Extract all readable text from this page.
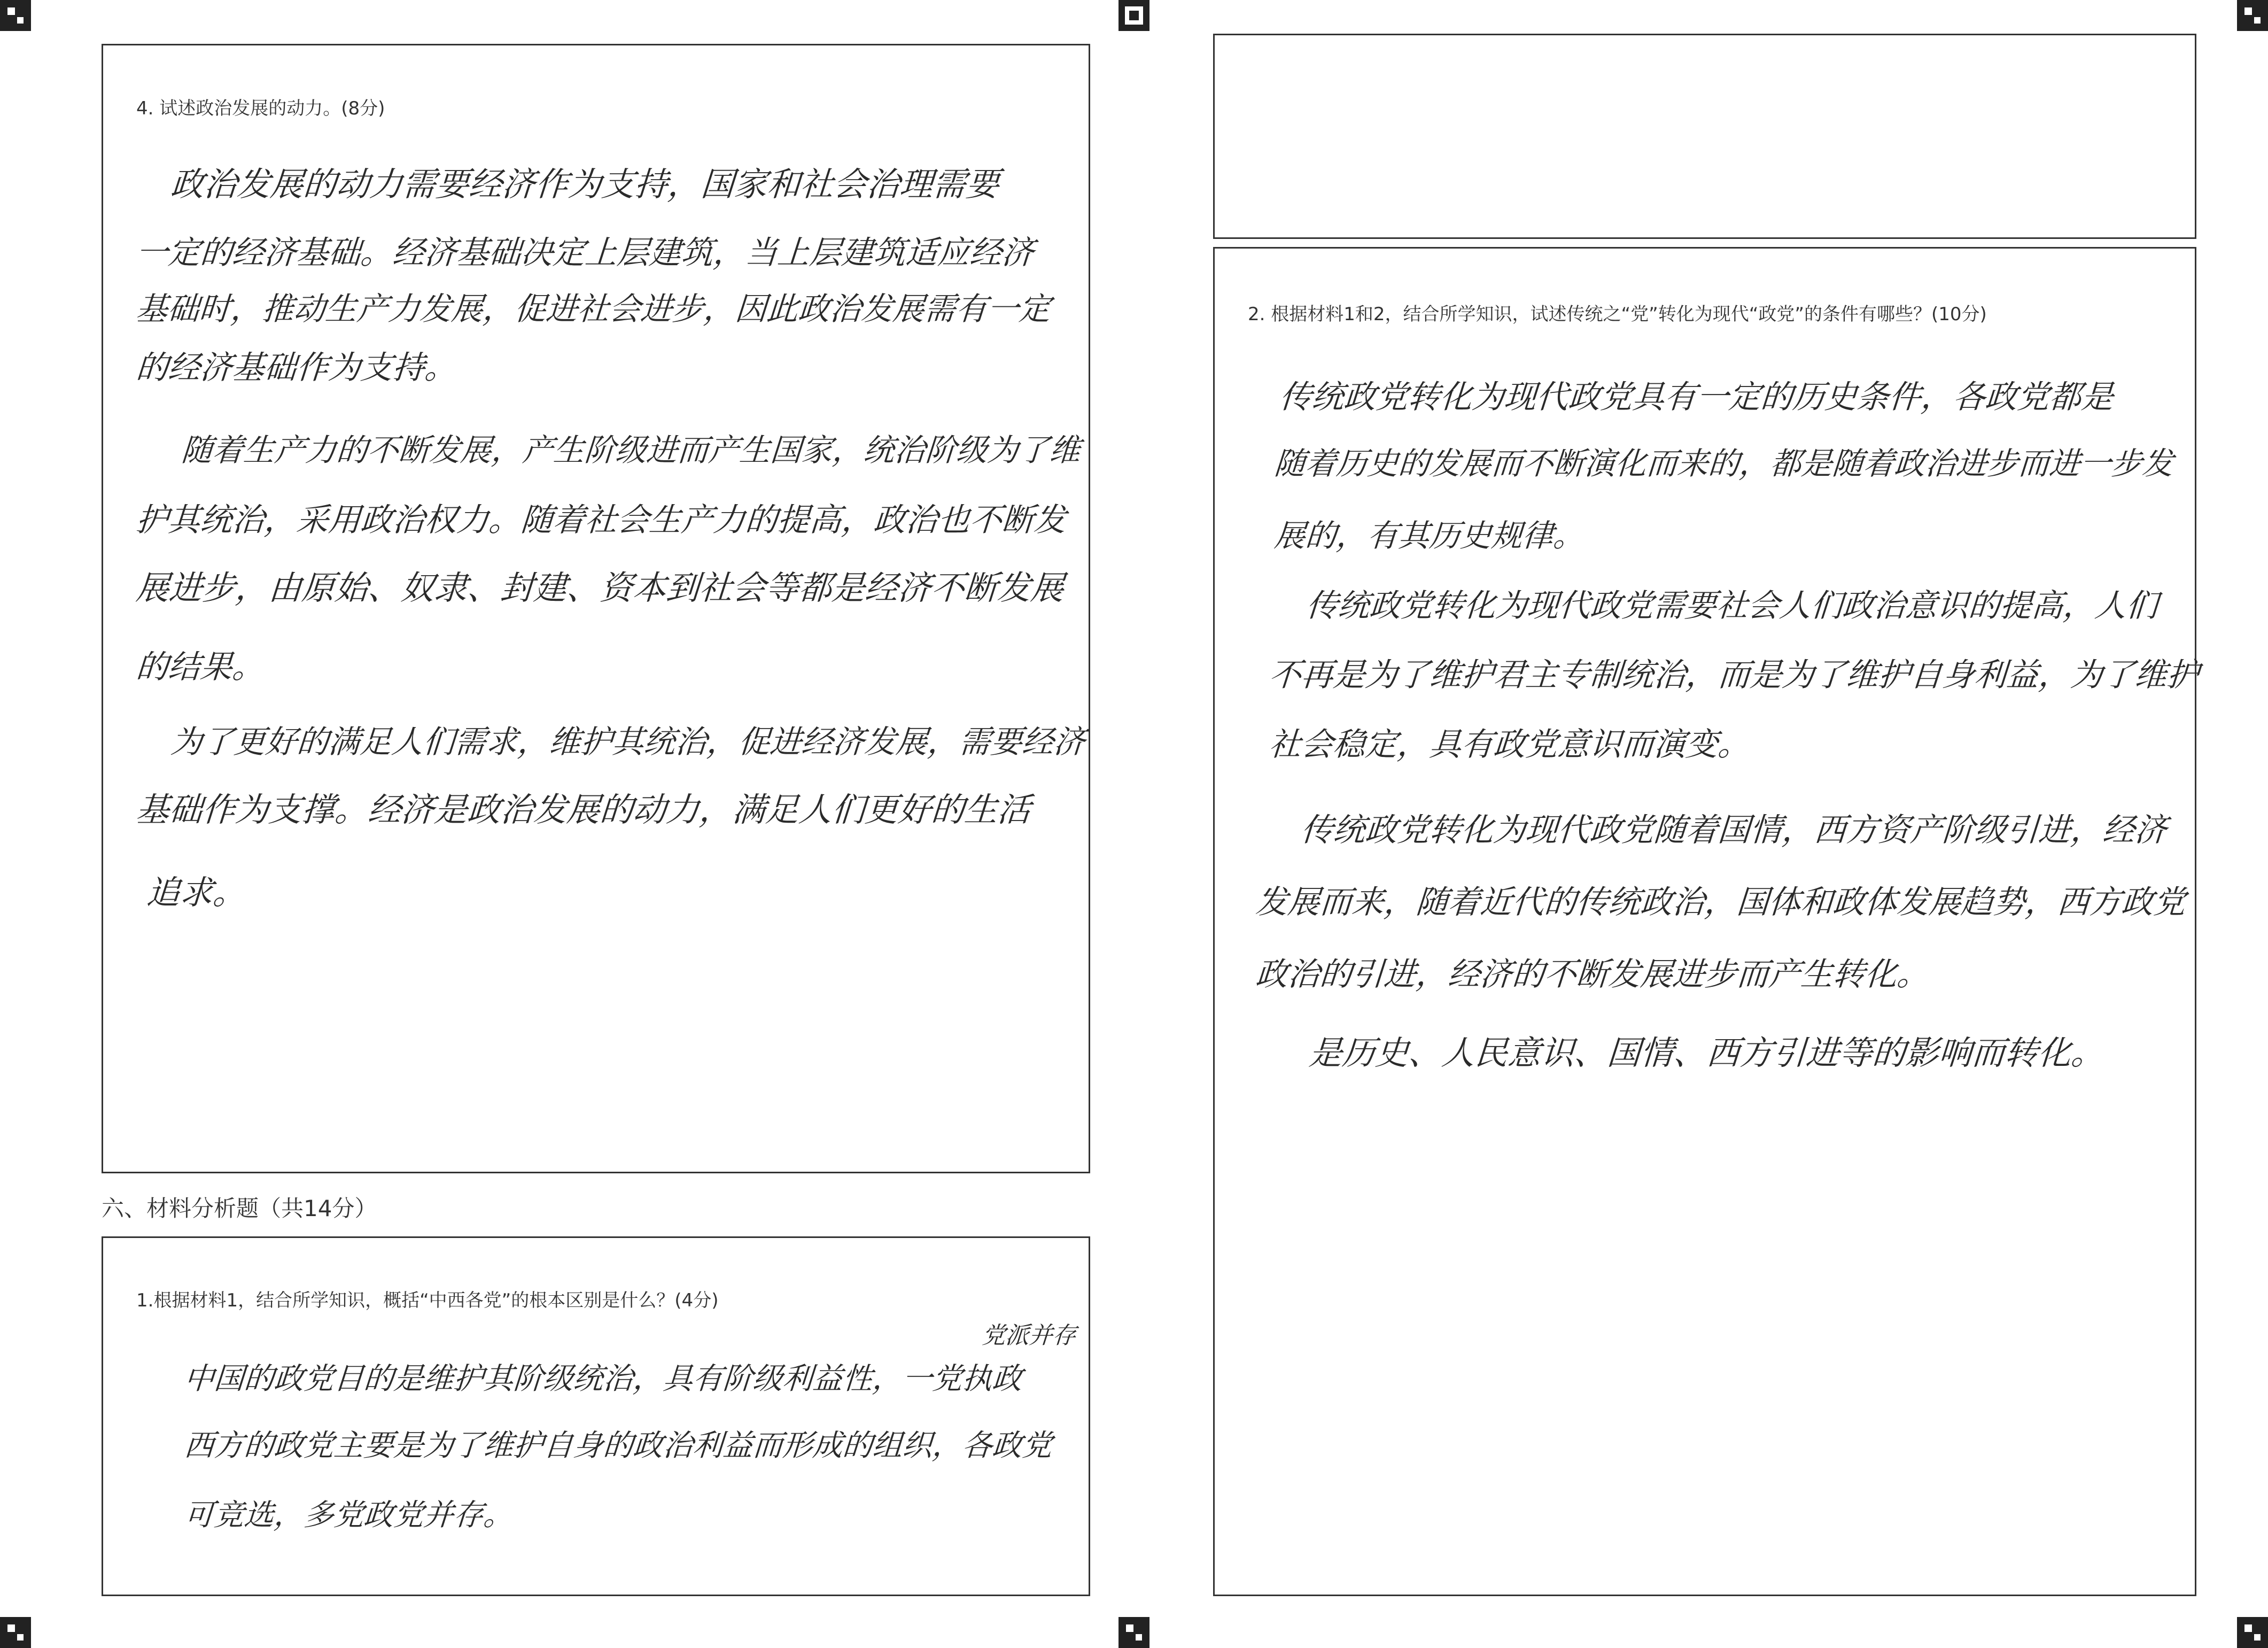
4. 试述政治发展的动力。(8分)
政治发展的动力需要经济作为支持，国家和社会治理需要
一定的经济基础。经济基础决定上层建筑，当上层建筑适应经济
基础时，推动生产力发展，促进社会进步，因此政治发展需有一定
的经济基础作为支持。
随着生产力的不断发展，产生阶级进而产生国家，统治阶级为了维
护其统治，采用政治权力。随着社会生产力的提高，政治也不断发
展进步，由原始、奴隶、封建、资本到社会等都是经济不断发展
的结果。
为了更好的满足人们需求，维护其统治，促进经济发展，需要经济
基础作为支撑。经济是政治发展的动力，满足人们更好的生活
追求。
六、材料分析题（共14分）
1.根据材料1，结合所学知识，概括“中西各党”的根本区别是什么？(4分)
党派并存
中国的政党目的是维护其阶级统治，具有阶级利益性，一党执政
西方的政党主要是为了维护自身的政治利益而形成的组织，各政党
可竞选，多党政党并存。
2. 根据材料1和2，结合所学知识，试述传统之“党”转化为现代“政党”的条件有哪些？(10分)
传统政党转化为现代政党具有一定的历史条件，各政党都是
随着历史的发展而不断演化而来的，都是随着政治进步而进一步发
展的，有其历史规律。
传统政党转化为现代政党需要社会人们政治意识的提高，人们
不再是为了维护君主专制统治，而是为了维护自身利益，为了维护
社会稳定，具有政党意识而演变。
传统政党转化为现代政党随着国情，西方资产阶级引进，经济
发展而来，随着近代的传统政治，国体和政体发展趋势，西方政党
政治的引进，经济的不断发展进步而产生转化。
是历史、人民意识、国情、西方引进等的影响而转化。
